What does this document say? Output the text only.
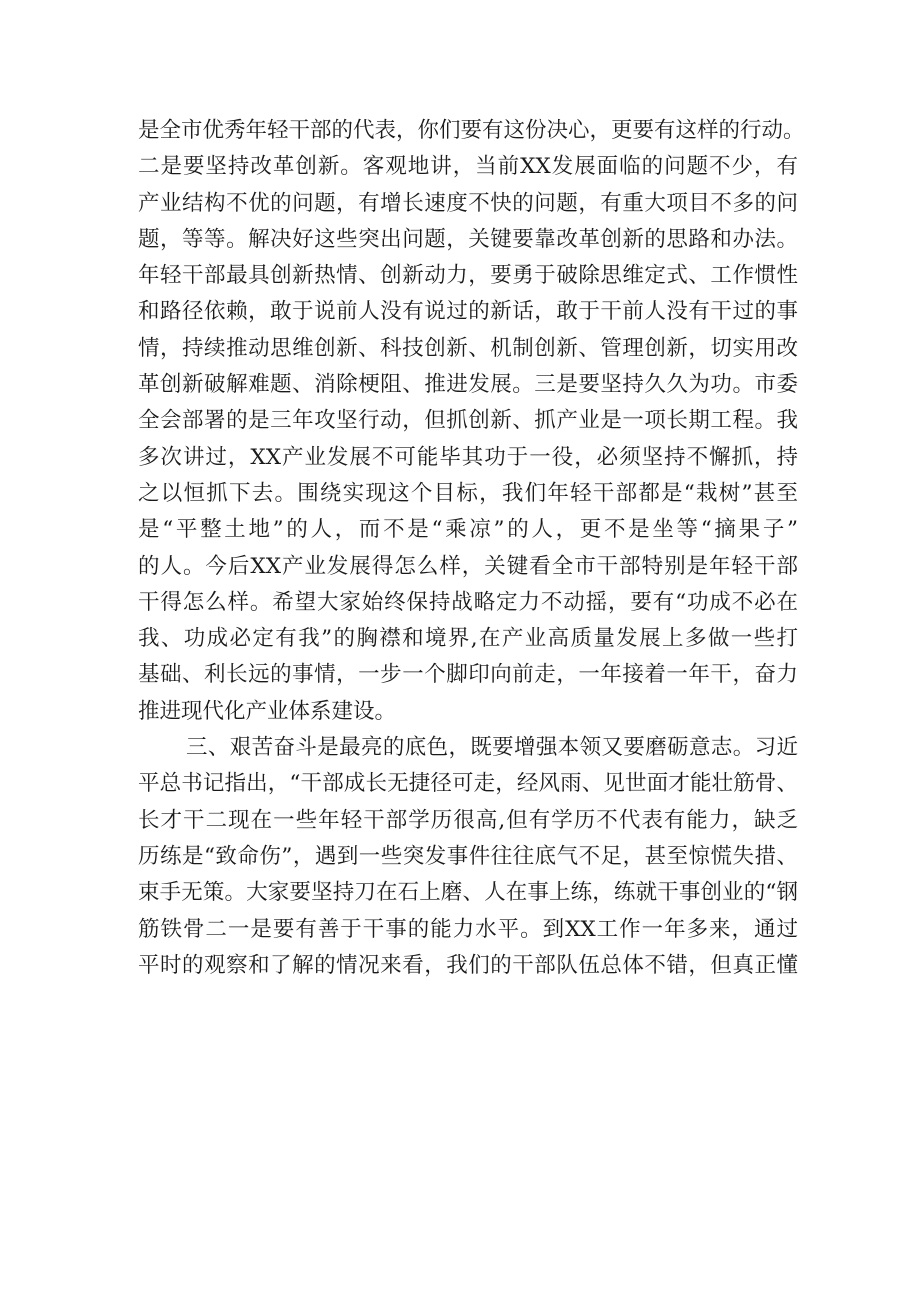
是全市优秀年轻干部的代表，你们要有这份决心，更要有这样的行动。
二是要坚持改革创新。客观地讲，当前XX发展面临的问题不少，有
产业结构不优的问题，有增长速度不快的问题，有重大项目不多的问
题，等等。解决好这些突出问题，关键要靠改革创新的思路和办法。
年轻干部最具创新热情、创新动力，要勇于破除思维定式、工作惯性
和路径依赖，敢于说前人没有说过的新话，敢于干前人没有干过的事
情，持续推动思维创新、科技创新、机制创新、管理创新，切实用改
革创新破解难题、消除梗阻、推进发展。三是要坚持久久为功。市委
全会部署的是三年攻坚行动，但抓创新、抓产业是一项长期工程。我
多次讲过，XX产业发展不可能毕其功于一役，必须坚持不懈抓，持
之以恒抓下去。围绕实现这个目标，我们年轻干部都是“栽树”甚至
是“平整土地”的人，而不是“乘凉”的人，更不是坐等“摘果子”
的人。今后XX产业发展得怎么样，关键看全市干部特别是年轻干部
干得怎么样。希望大家始终保持战略定力不动摇，要有“功成不必在
我、功成必定有我”的胸襟和境界,在产业高质量发展上多做一些打
基础、利长远的事情，一步一个脚印向前走，一年接着一年干，奋力
推进现代化产业体系建设。
三、艰苦奋斗是最亮的底色，既要增强本领又要磨砺意志。习近
平总书记指出，“干部成长无捷径可走，经风雨、见世面才能壮筋骨、
长才干二现在一些年轻干部学历很高,但有学历不代表有能力，缺乏
历练是“致命伤”，遇到一些突发事件往往底气不足，甚至惊慌失措、
束手无策。大家要坚持刀在石上磨、人在事上练，练就干事创业的“钢
筋铁骨二一是要有善于干事的能力水平。到XX工作一年多来，通过
平时的观察和了解的情况来看，我们的干部队伍总体不错，但真正懂
